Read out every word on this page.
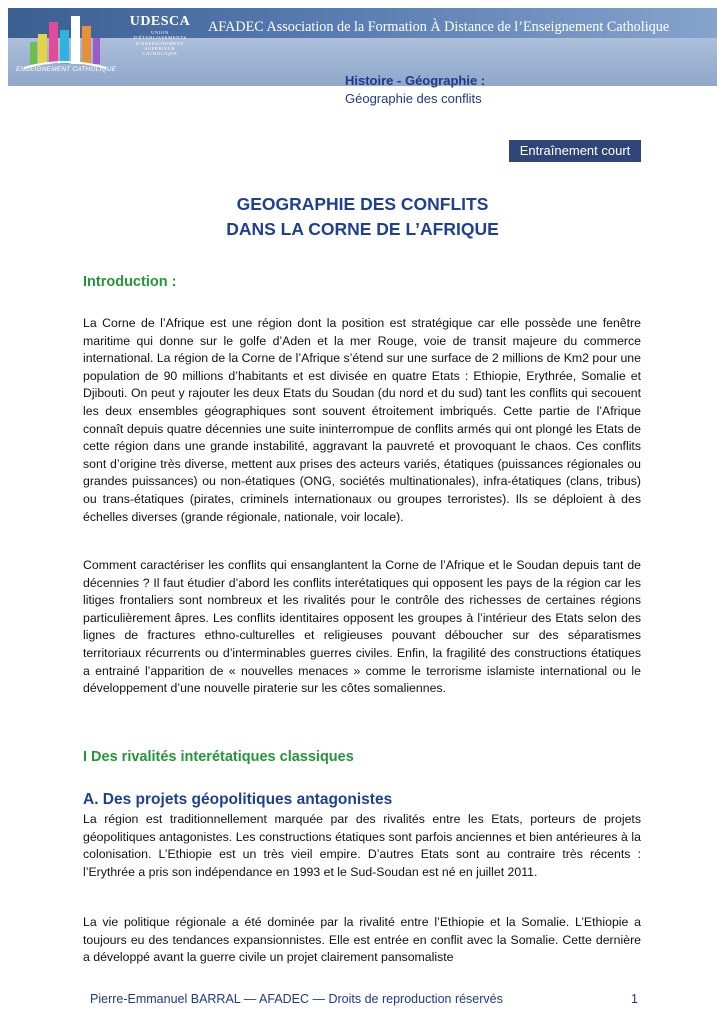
ENSEIGNEMENT CATHOLIQUE
UDESCA
UNION
D'ÉTABLISSEMENTS
D'ENSEIGNEMENT
SUPÉRIEUR
CATHOLIQUE
AFADEC Association de la Formation À Distance de l’Enseignement Catholique
Histoire - Géographie :
Géographie des conflits
Entraînement court
GEOGRAPHIE DES CONFLITS
DANS LA CORNE DE L’AFRIQUE
Introduction :

La Corne de l’Afrique est une région dont la position est stratégique car elle possède une fenêtre maritime qui donne sur le golfe d’Aden et la mer Rouge, voie de transit majeure du commerce international. La région de la Corne de l’Afrique s’étend sur une surface de 2 millions de Km2 pour une population de 90 millions d’habitants et est divisée en quatre Etats : Ethiopie, Erythrée, Somalie et Djibouti. On peut y rajouter les deux Etats du Soudan (du nord et du sud) tant les conflits qui secouent les deux ensembles géographiques sont souvent étroitement imbriqués. Cette partie de l’Afrique connaît depuis quatre décennies une suite ininterrompue de conflits armés qui ont plongé les Etats de cette région dans une grande instabilité, aggravant la pauvreté et provoquant le chaos. Ces conflits sont d’origine très diverse, mettent aux prises des acteurs variés, étatiques (puissances régionales ou grandes puissances) ou non-étatiques (ONG, sociétés multinationales), infra-étatiques (clans, tribus) ou trans-étatiques (pirates, criminels internationaux ou groupes terroristes). Ils se déploient à des échelles diverses (grande régionale, nationale, voir locale).

Comment caractériser les conflits qui ensanglantent la Corne de l’Afrique et le Soudan depuis tant de décennies ? Il faut étudier d’abord les conflits interétatiques qui opposent les pays de la région car les litiges frontaliers sont nombreux et les rivalités pour le contrôle des richesses de certaines régions particulièrement âpres. Les conflits identitaires opposent les groupes à l’intérieur des Etats selon des lignes de fractures ethno-culturelles et religieuses pouvant déboucher sur des séparatismes territoriaux récurrents ou d’interminables guerres civiles. Enfin, la fragilité des constructions étatiques a entrainé l’apparition de « nouvelles menaces » comme le terrorisme islamiste international ou le développement d’une nouvelle piraterie sur les côtes somaliennes.

I Des rivalités interétatiques classiques
A. Des projets géopolitiques antagonistes

La région est traditionnellement marquée par des rivalités entre les Etats, porteurs de projets géopolitiques antagonistes. Les constructions étatiques sont parfois anciennes et bien antérieures à la colonisation. L’Ethiopie est un très vieil empire. D’autres Etats sont au contraire très récents : l’Erythrée a pris son indépendance en 1993 et le Sud-Soudan est né en juillet 2011.

La vie politique régionale a été dominée par la rivalité entre l’Ethiopie et la Somalie. L’Ethiopie a toujours eu des tendances expansionnistes. Elle est entrée en conflit avec la Somalie. Cette dernière a développé avant la guerre civile un projet clairement pansomaliste

Pierre-Emmanuel BARRAL — AFADEC — Droits de reproduction réservés	1
